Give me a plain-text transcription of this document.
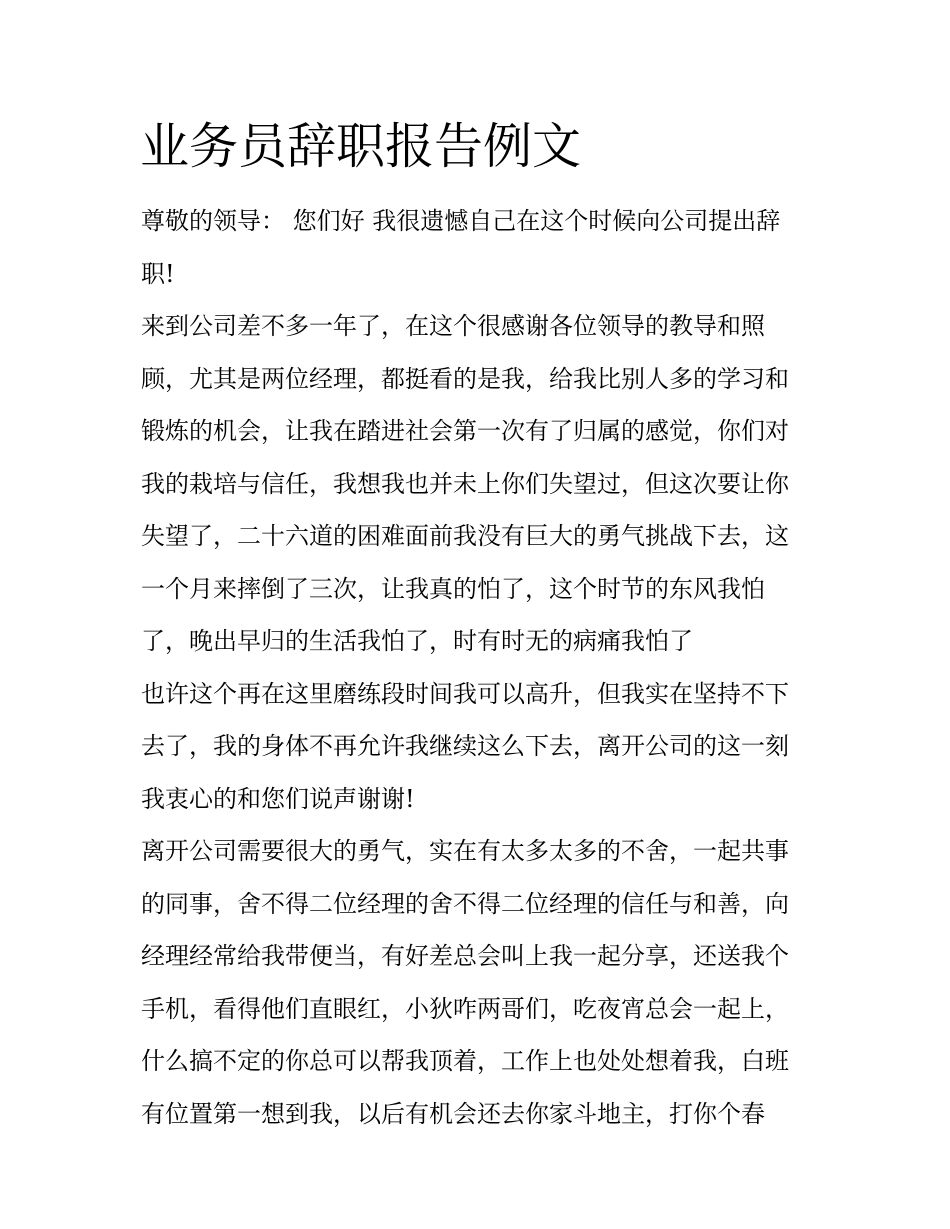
业务员辞职报告例文
尊敬的领导： 您们好 我很遗憾自己在这个时候向公司提出辞
职!
来到公司差不多一年了，在这个很感谢各位领导的教导和照
顾，尤其是两位经理，都挺看的是我，给我比别人多的学习和
锻炼的机会，让我在踏进社会第一次有了归属的感觉，你们对
我的栽培与信任，我想我也并未上你们失望过，但这次要让你
失望了，二十六道的困难面前我没有巨大的勇气挑战下去，这
一个月来摔倒了三次，让我真的怕了，这个时节的东风我怕
了，晚出早归的生活我怕了，时有时无的病痛我怕了
也许这个再在这里磨练段时间我可以高升，但我实在坚持不下
去了，我的身体不再允许我继续这么下去，离开公司的这一刻
我衷心的和您们说声谢谢!
离开公司需要很大的勇气，实在有太多太多的不舍，一起共事
的同事，舍不得二位经理的舍不得二位经理的信任与和善，向
经理经常给我带便当，有好差总会叫上我一起分享，还送我个
手机，看得他们直眼红，小狄咋两哥们，吃夜宵总会一起上，
什么搞不定的你总可以帮我顶着，工作上也处处想着我，白班
有位置第一想到我，以后有机会还去你家斗地主，打你个春
